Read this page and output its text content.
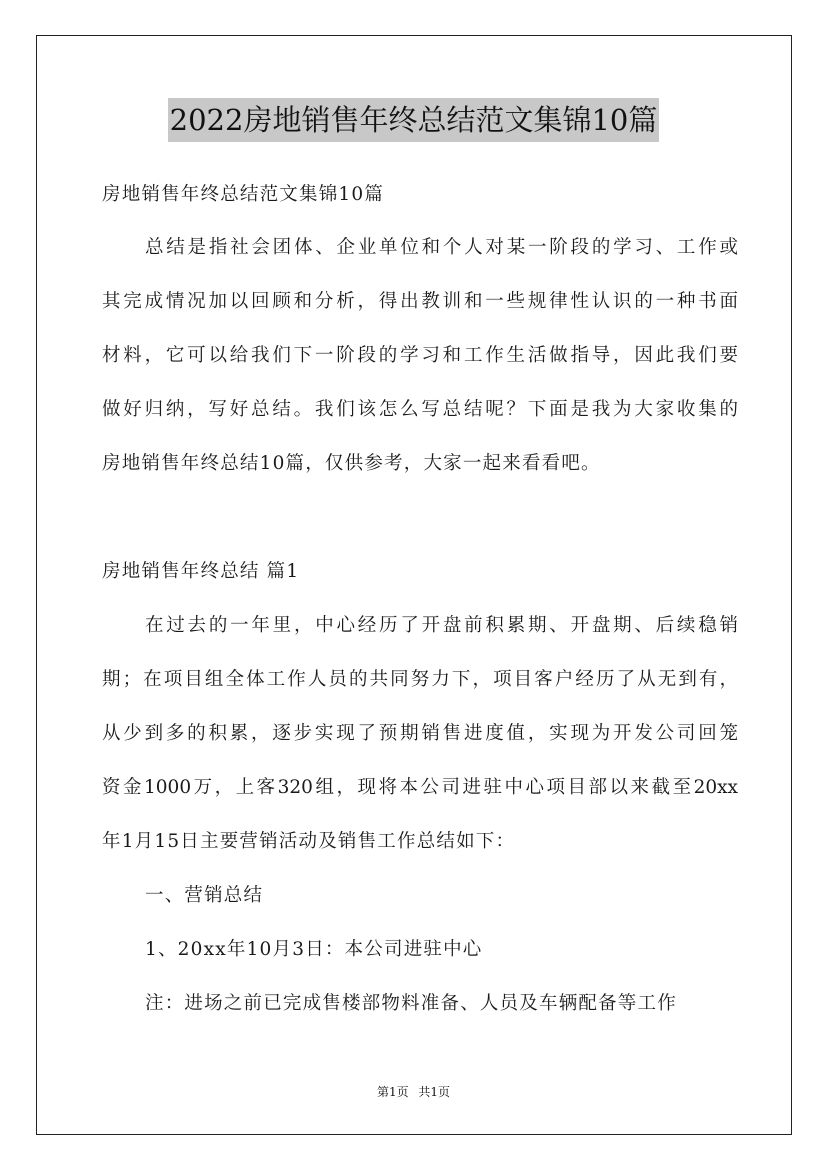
2022房地销售年终总结范文集锦10篇
房地销售年终总结范文集锦10篇
总结是指社会团体、企业单位和个人对某一阶段的学习、工作或
其完成情况加以回顾和分析，得出教训和一些规律性认识的一种书面
材料，它可以给我们下一阶段的学习和工作生活做指导，因此我们要
做好归纳，写好总结。我们该怎么写总结呢？下面是我为大家收集的
房地销售年终总结10篇，仅供参考，大家一起来看看吧。
房地销售年终总结 篇1
在过去的一年里，中心经历了开盘前积累期、开盘期、后续稳销
期；在项目组全体工作人员的共同努力下，项目客户经历了从无到有，
从少到多的积累，逐步实现了预期销售进度值，实现为开发公司回笼
资金1000万，上客320组，现将本公司进驻中心项目部以来截至20xx
年1月15日主要营销活动及销售工作总结如下：
一、营销总结
1、20xx年10月3日：本公司进驻中心
注：进场之前已完成售楼部物料准备、人员及车辆配备等工作
第1页 共1页
